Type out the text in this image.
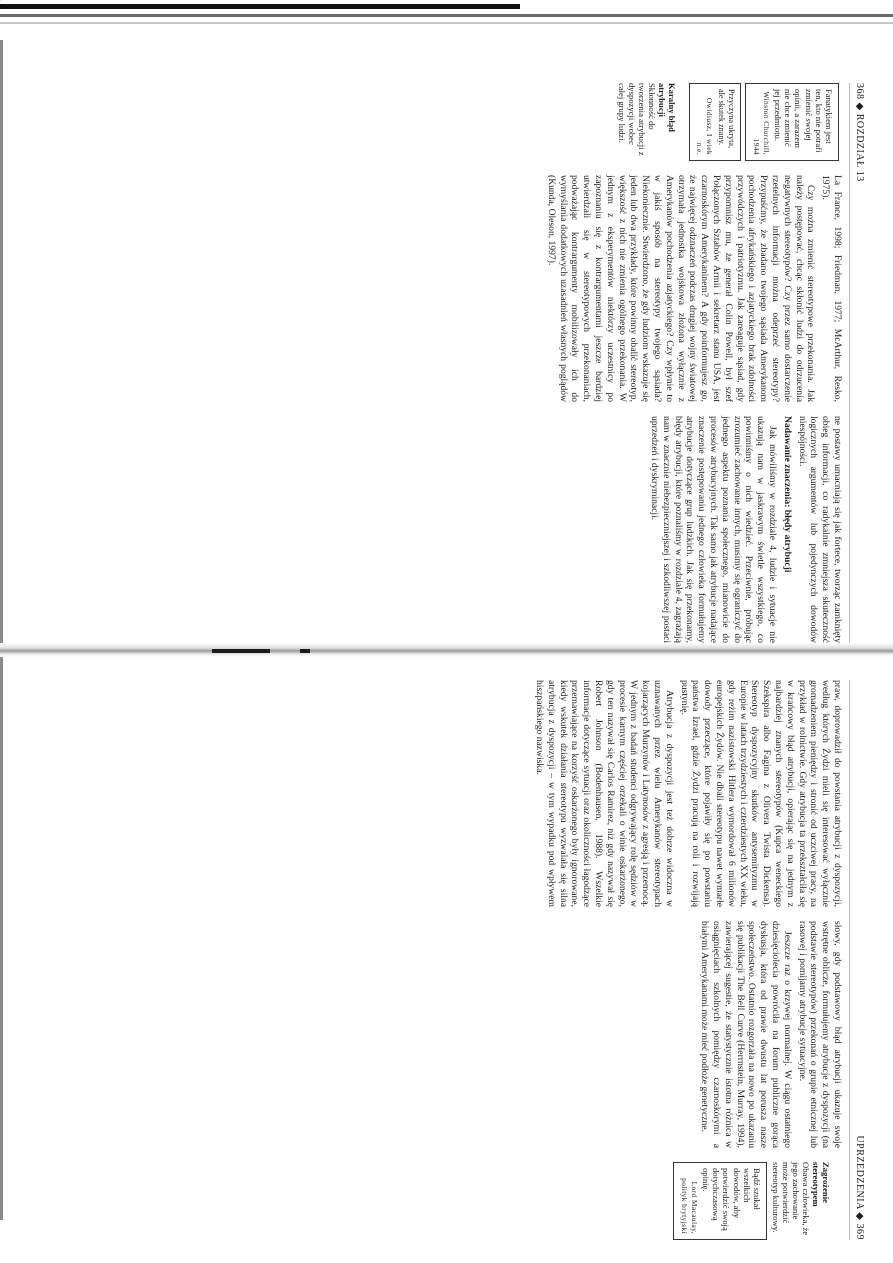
368 ◆ ROZDZIAŁ 13
Fanatykiem jest ten, kto nie potrafi zmienić swojej opinii, a zarazem nie chce zmienić jej przedmiotu.
Winston Churchill, 1944
Przyczyna ukryta, ale skutek znany.
Owidiusz, I wiek n.e.
Karalny błąd atrybucji
Skłonność do tworzenia atrybucji z dyspozycji wobec całej grupy ludzi.

La France, 1998; Friedman, 1977; McArthur, Resko, 1975).

Czy można zmienić stereotypowe przekonania. Jak należy postępować, chcąc skłonić ludzi do odrzucenia negatywnych stereotypów? Czy przez samo dostarczenie rzetelnych informacji można odeprzeć stereotypy? Przypuśćmy, że zbadano twojego sąsiada Amerykanom pochodzenia afrykańskiego i azjatyckiego brak zdolności przywódczych i patriotyzmu. Jak zareaguje sąsiad, gdy przypomnisz mu, że generał Colin Powell, był szef Połączonych Sztabów Armii i sekretarz stanu USA, jest czarnoskórym Amerykaninem? A gdy poinformujesz go, że najwięcej odznaczeń podczas drugiej wojny światowej otrzymała jednostka wojskowa złożona wyłącznie z Amerykanów pochodzenia azjatyckiego? Czy wpłynie to w jakiś sposób na stereotypy twojego sąsiada? Niekoniecznie. Stwierdzono, że gdy ludziom wskazuje się jeden lub dwa przykłady, które powinny obalić stereotyp, większość z nich nie zmienia ogólnego przekonania. W jednym z eksperymentów niektórzy uczestnicy po zapoznaniu się z kontrargumentami jeszcze bardziej utwierdzali się w stereotypowych przekonaniach, podważając kontrargumenty mobilizowały ich do wymyślania dodatkowych uzasadnień własnych poglądów (Kunda, Oleson, 1997).

ne postawy umacniają się jak fortece, tworząc zamknięty obieg informacji, co radykalnie zmniejsza skuteczność logicznych argumentów lub pojedynczych dowodów niespójności.

Nadawanie znaczenia: błędy atrybucji

Jak mówiliśmy w rozdziale 4, ludzie i sytuacje nie ukazują nam w jaskrawym świetle wszystkiego, co powinniśmy o nich wiedzieć. Przeciwnie, próbując zrozumieć zachowanie innych, musimy się ograniczyć do jednego aspektu poznania społecznego, mianowicie do procesów atrybucyjnych. Tak samo jak atrybucje nadające znaczenie postępowaniu jednego człowieka formułujemy atrybucje dotyczące grup ludzkich. Jak się przekonamy, błędy atrybucji, które poznaliśmy w rozdziale 4, zagrażają nam w znacznie niebezpieczniejszej i szkodliwszej postaci uprzedzeń i dyskryminacji.

UPRZEDZENIA ◆ 369

praw, doprowadził do powstania atrybucji z dyspozycji, według których Żydzi mieli się interesować wyłącznie gromadzeniem pieniędzy i stronić od uczciwej pracy, na przykład w rolnictwie. Gdy atrybucja ta przekształciła się w krańcowy błąd atrybucji, opierając się na jednym z najbardziej znanych stereotypów (Kupca weneckiego Szekspira albo Fagina z Olivera Twista Dickensa). Stereotyp dyspozycyjny skutków antysemityzmu w Europie w latach trzydziestych i czterdziestych XX wieku, gdy reżim nazistowski Hitlera wymordował 6 milionów europejskich Żydów. Nie dbali stereotypu nawet wymarłe dowody przeczące, które pojawiły się po powstaniu państwa Izrael, gdzie Żydzi pracują na roli i rozwijają pustynię.

Atrybucja z dyspozycji jest też dobrze widoczna w uznawanych przez wielu Amerykanów stereotypach kojarzących Murzynów i Latynosów z agresją i przemocą. W jednym z badań studenci odgrywający rolę sędziów w procesie karnym częściej orzekali o winie oskarżonego, gdy ten nazywał się Carlos Ramirez, niż gdy nazywał się Robert Johnson (Bodenhausen, 1988). Wszelkie informacje dotyczące sytuacji oraz okoliczności łagodzące przemawiające na korzyść oskarżonego były ignorowane, kiedy wskutek działania stereotypu wyzwalała się silna atrybucja z dyspozycji – w tym wypadku pod wpływem hiszpańskiego nazwiska.

słowy, gdy podstawowy błąd atrybucji ukazuje swoje wstrętne oblicze, formułujemy atrybucje z dyspozycji (na podstawie stereotypów) przekonań o grupie etnicznej lub rasowej i pomijamy atrybucje sytuacyjne.

Jeszcze raz o krzywej normalnej. W ciągu ostatniego dziesięciolecia powróciła na forum publiczne gorąca dyskusja, która od prawie dwustu lat porusza nasze społeczeństwo. Ostatnio rozgorzała na nowo po ukazaniu się publikacji The Bell Curve (Herrnstein, Murray, 1994), zawierającej sugestie, że statystycznie istotna różnica w osiągnięciach szkolnych pomiędzy czarnoskórymi a białymi Amerykanami może mieć podłoże genetyczne.

Zagrożenie stereotypem
Obawa człowieka, że jego zachowanie może potwierdzić stereotyp kulturowy.
Bądź szukał wszelkich dowodów, aby potwierdzić swoją dotychczasową opinię.
Lord Macaulay, polityk brytyjski
